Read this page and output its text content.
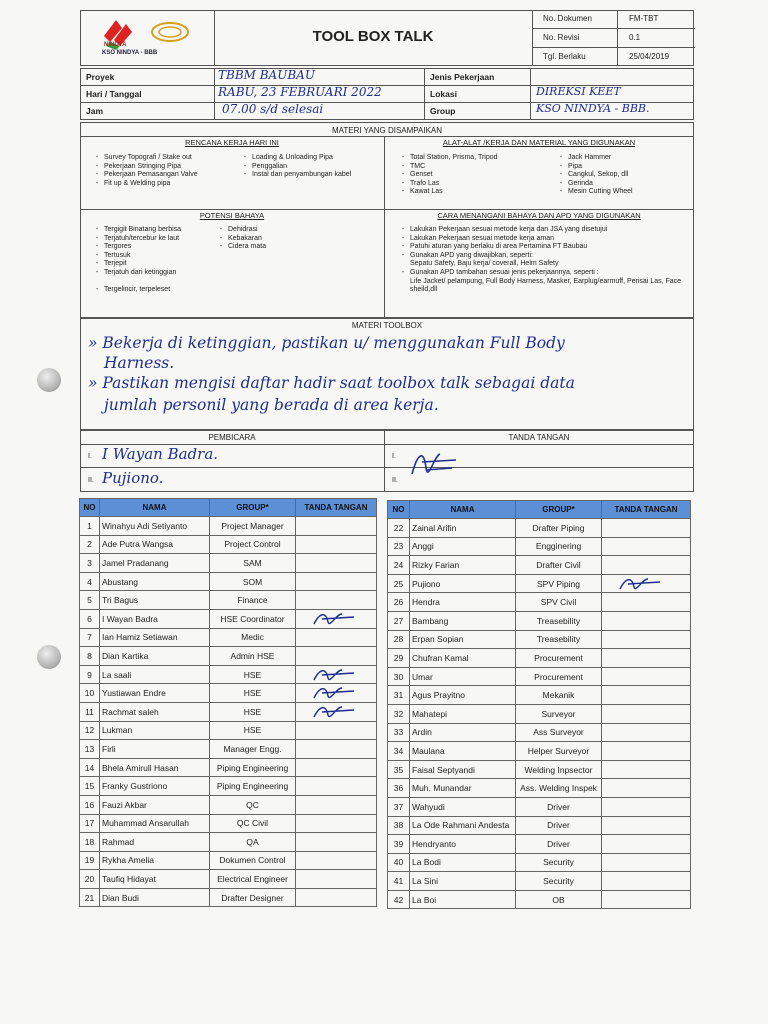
NINDYA
KSO NINDYA - BBB
TOOL BOX TALK
No. Dokumen	FM-TBT
No. Revisi	0.1
Tgl. Berlaku	25/04/2019
Proyek	TBBM BAUBAU
Hari / Tanggal	RABU, 23 FEBRUARI 2022
Jam	07.00 s/d selesai
Jenis Pekerjaan
Lokasi	DIREKSI KEET
Group	KSO NINDYA - BBB.
MATERI YANG DISAMPAIKAN
RENCANA KERJA HARI INI
- Survey Topografi / Stake out
- Pekerjaan Stringing Pipa
- Pekerjaan Pemasangan Valve
- Fit up & Welding pipa
- Loading & Unloading Pipa
- Penggalian
- Instal dan penyambungan kabel
ALAT-ALAT /KERJA DAN MATERIAL YANG DIGUNAKAN
- Total Station, Prisma, Tripod
- TMC
- Genset
- Trafo Las
- Kawat Las
- Jack Hammer
- Pipa
- Cangkul, Sekop, dll
- Gerinda
- Mesin Cutting Wheel
POTENSI BAHAYA
- Tergigit Binatang berbisa
- Terjatuh/tercebur ke laut
- Tergores
- Tertusuk
- Terjepit
- Terjatuh dari ketinggian
- Tergelincir, terpeleset
- Dehidrasi
- Kebakaran
- Cidera mata
CARA MENANGANI BAHAYA DAN APD YANG DIGUNAKAN
- Lakukan Pekerjaan sesuai metode kerja dan JSA yang disetujui
- Lakukan Pekerjaan sesuai metode kerja aman
- Patuhi aturan yang berlaku di area Pertamina FT Baubau
- Gunakan APD yang diwajibkan, seperti:
Sepatu Safety, Baju kerja/ coverall, Helm Safety
- Gunakan APD tambahan sesuai jenis pekerjaannya, seperti :
Life Jacket/ pelampung, Full Body Harness, Masker, Earplug/earmuff, Perisai Las, Face sheild,dll
MATERI TOOLBOX
» Bekerja di ketinggian, pastikan u/ menggunakan Full Body
Harness.
» Pastikan mengisi daftar hadir saat toolbox talk sebagai data
jumlah personil yang berada di area kerja.
PEMBICARA	TANDA TANGAN
I. I Wayan Badra.
II. Pujiono.
I.
II.
NO	NAMA	GROUP*	TANDA TANGAN
1	Winahyu Adi Setiyanto	Project Manager	
2	Ade Putra Wangsa	Project Control	
3	Jamel Pradanang	SAM	
4	Abustang	SOM	
5	Tri Bagus	Finance	
6	I Wayan Badra	HSE Coordinator	

7	Ian Hamiz Setiawan	Medic	
8	Dian Kartika	Admin HSE	
9	La saali	HSE	

10	Yustiawan Endre	HSE	

11	Rachmat saleh	HSE	

12	Lukman	HSE	
13	Firli	Manager Engg.	
14	Bhela Amirull Hasan	Piping Engineering	
15	Franky Gustriono	Piping Engineering	
16	Fauzi Akbar	QC	
17	Muhammad Ansarullah	QC Civil	
18	Rahmad	QA	
19	Rykha Amelia	Dokumen Control	
20	Taufiq Hidayat	Electrical Engineer	
21	Dian Budi	Drafter Designer	
NO	NAMA	GROUP*	TANDA TANGAN
22	Zainal Arifin	Drafter Piping	
23	Anggi	Engginering	
24	Rizky Farian	Drafter Civil	
25	Pujiono	SPV Piping	

26	Hendra	SPV Civil	
27	Bambang	Treasebility	
28	Erpan Sopian	Treasebility	
29	Chufran Kamal	Procurement	
30	Umar	Procurement	
31	Agus Prayitno	Mekanik	
32	Mahatepi	Surveyor	
33	Ardin	Ass Surveyor	
34	Maulana	Helper Surveyor	
35	Faisal Septyandi	Welding Inpsector	
36	Muh. Munandar	Ass. Welding Inspek	
37	Wahyudi	Driver	
38	La Ode Rahmani Andesta	Driver	
39	Hendryanto	Driver	
40	La Bodi	Security	
41	La Sini	Security	
42	La Boi	OB	
